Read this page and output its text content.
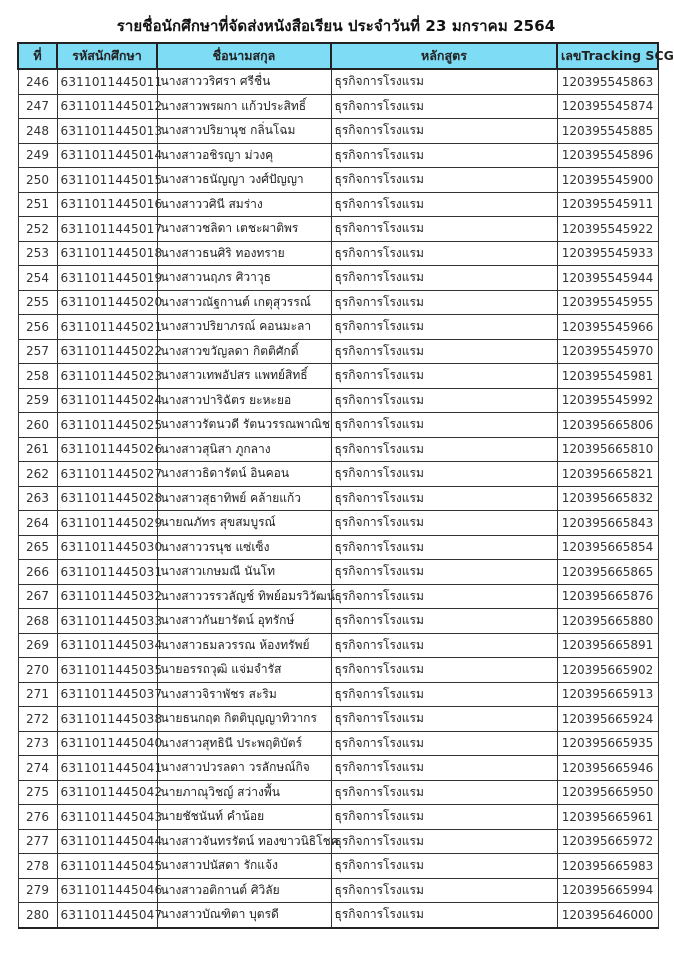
รายชื่อนักศึกษาที่จัดส่งหนังสือเรียน ประจำวันที่ 23 มกราคม 2564
ที่	รหัสนักศึกษา	ชื่อนามสกุล	หลักสูตร	เลขTracking SCG
246	6311011445011	นางสาววริศรา ศรีชื่น	ธุรกิจการโรงแรม	120395545863
247	6311011445012	นางสาวพรผกา แก้วประสิทธิ์	ธุรกิจการโรงแรม	120395545874
248	6311011445013	นางสาวปริยานุช กลิ่นโฉม	ธุรกิจการโรงแรม	120395545885
249	6311011445014	นางสาวอชิรญา ม่วงคุ	ธุรกิจการโรงแรม	120395545896
250	6311011445015	นางสาวธนัญญา วงศ์ปัญญา	ธุรกิจการโรงแรม	120395545900
251	6311011445016	นางสาววศินี สมร่าง	ธุรกิจการโรงแรม	120395545911
252	6311011445017	นางสาวชลิดา เตชะผาติพร	ธุรกิจการโรงแรม	120395545922
253	6311011445018	นางสาวธนศิริ ทองทราย	ธุรกิจการโรงแรม	120395545933
254	6311011445019	นางสาวนฤภร ศิวาวุธ	ธุรกิจการโรงแรม	120395545944
255	6311011445020	นางสาวณัฐกานต์ เกตุสุวรรณ์	ธุรกิจการโรงแรม	120395545955
256	6311011445021	นางสาวปริยาภรณ์ คอนมะลา	ธุรกิจการโรงแรม	120395545966
257	6311011445022	นางสาวขวัญลดา กิตติศักดิ์	ธุรกิจการโรงแรม	120395545970
258	6311011445023	นางสาวเทพอัปสร แพทย์สิทธิ์	ธุรกิจการโรงแรม	120395545981
259	6311011445024	นางสาวปาริฉัตร ยะหะยอ	ธุรกิจการโรงแรม	120395545992
260	6311011445025	นางสาวรัตนวดี รัตนวรรณพาณิช	ธุรกิจการโรงแรม	120395665806
261	6311011445026	นางสาวสุนิสา ภูกลาง	ธุรกิจการโรงแรม	120395665810
262	6311011445027	นางสาวธิดารัตน์ อินคอน	ธุรกิจการโรงแรม	120395665821
263	6311011445028	นางสาวสุธาทิพย์ คล้ายแก้ว	ธุรกิจการโรงแรม	120395665832
264	6311011445029	นายณภัทร สุขสมบูรณ์	ธุรกิจการโรงแรม	120395665843
265	6311011445030	นางสาววรนุช แซ่เซ็ง	ธุรกิจการโรงแรม	120395665854
266	6311011445031	นางสาวเกษมณี นันโท	ธุรกิจการโรงแรม	120395665865
267	6311011445032	นางสาววรรวลัญช์ ทิพย์อมรวิวัฒน์	ธุรกิจการโรงแรม	120395665876
268	6311011445033	นางสาวกันยารัตน์ อุทรักษ์	ธุรกิจการโรงแรม	120395665880
269	6311011445034	นางสาวธมลวรรณ ห้องทรัพย์	ธุรกิจการโรงแรม	120395665891
270	6311011445035	นายอรรถวุฒิ แจ่มจำรัส	ธุรกิจการโรงแรม	120395665902
271	6311011445037	นางสาวจิราพัชร สะริม	ธุรกิจการโรงแรม	120395665913
272	6311011445038	นายธนกฤต กิตติบุญญาทิวากร	ธุรกิจการโรงแรม	120395665924
273	6311011445040	นางสาวสุทธินี ประพฤติบัตร์	ธุรกิจการโรงแรม	120395665935
274	6311011445041	นางสาวปวรลดา วรลักษณ์กิจ	ธุรกิจการโรงแรม	120395665946
275	6311011445042	นายภาณุวิชญ์ สว่างพื้น	ธุรกิจการโรงแรม	120395665950
276	6311011445043	นายชัชนันท์ คำน้อย	ธุรกิจการโรงแรม	120395665961
277	6311011445044	นางสาวจันทรรัตน์ ทองขาวนิธิโชค	ธุรกิจการโรงแรม	120395665972
278	6311011445045	นางสาวปนัสดา รักแจ้ง	ธุรกิจการโรงแรม	120395665983
279	6311011445046	นางสาวอติกานต์ ศิวิลัย	ธุรกิจการโรงแรม	120395665994
280	6311011445047	นางสาวบัณฑิตา บุตรดี	ธุรกิจการโรงแรม	120395646000
